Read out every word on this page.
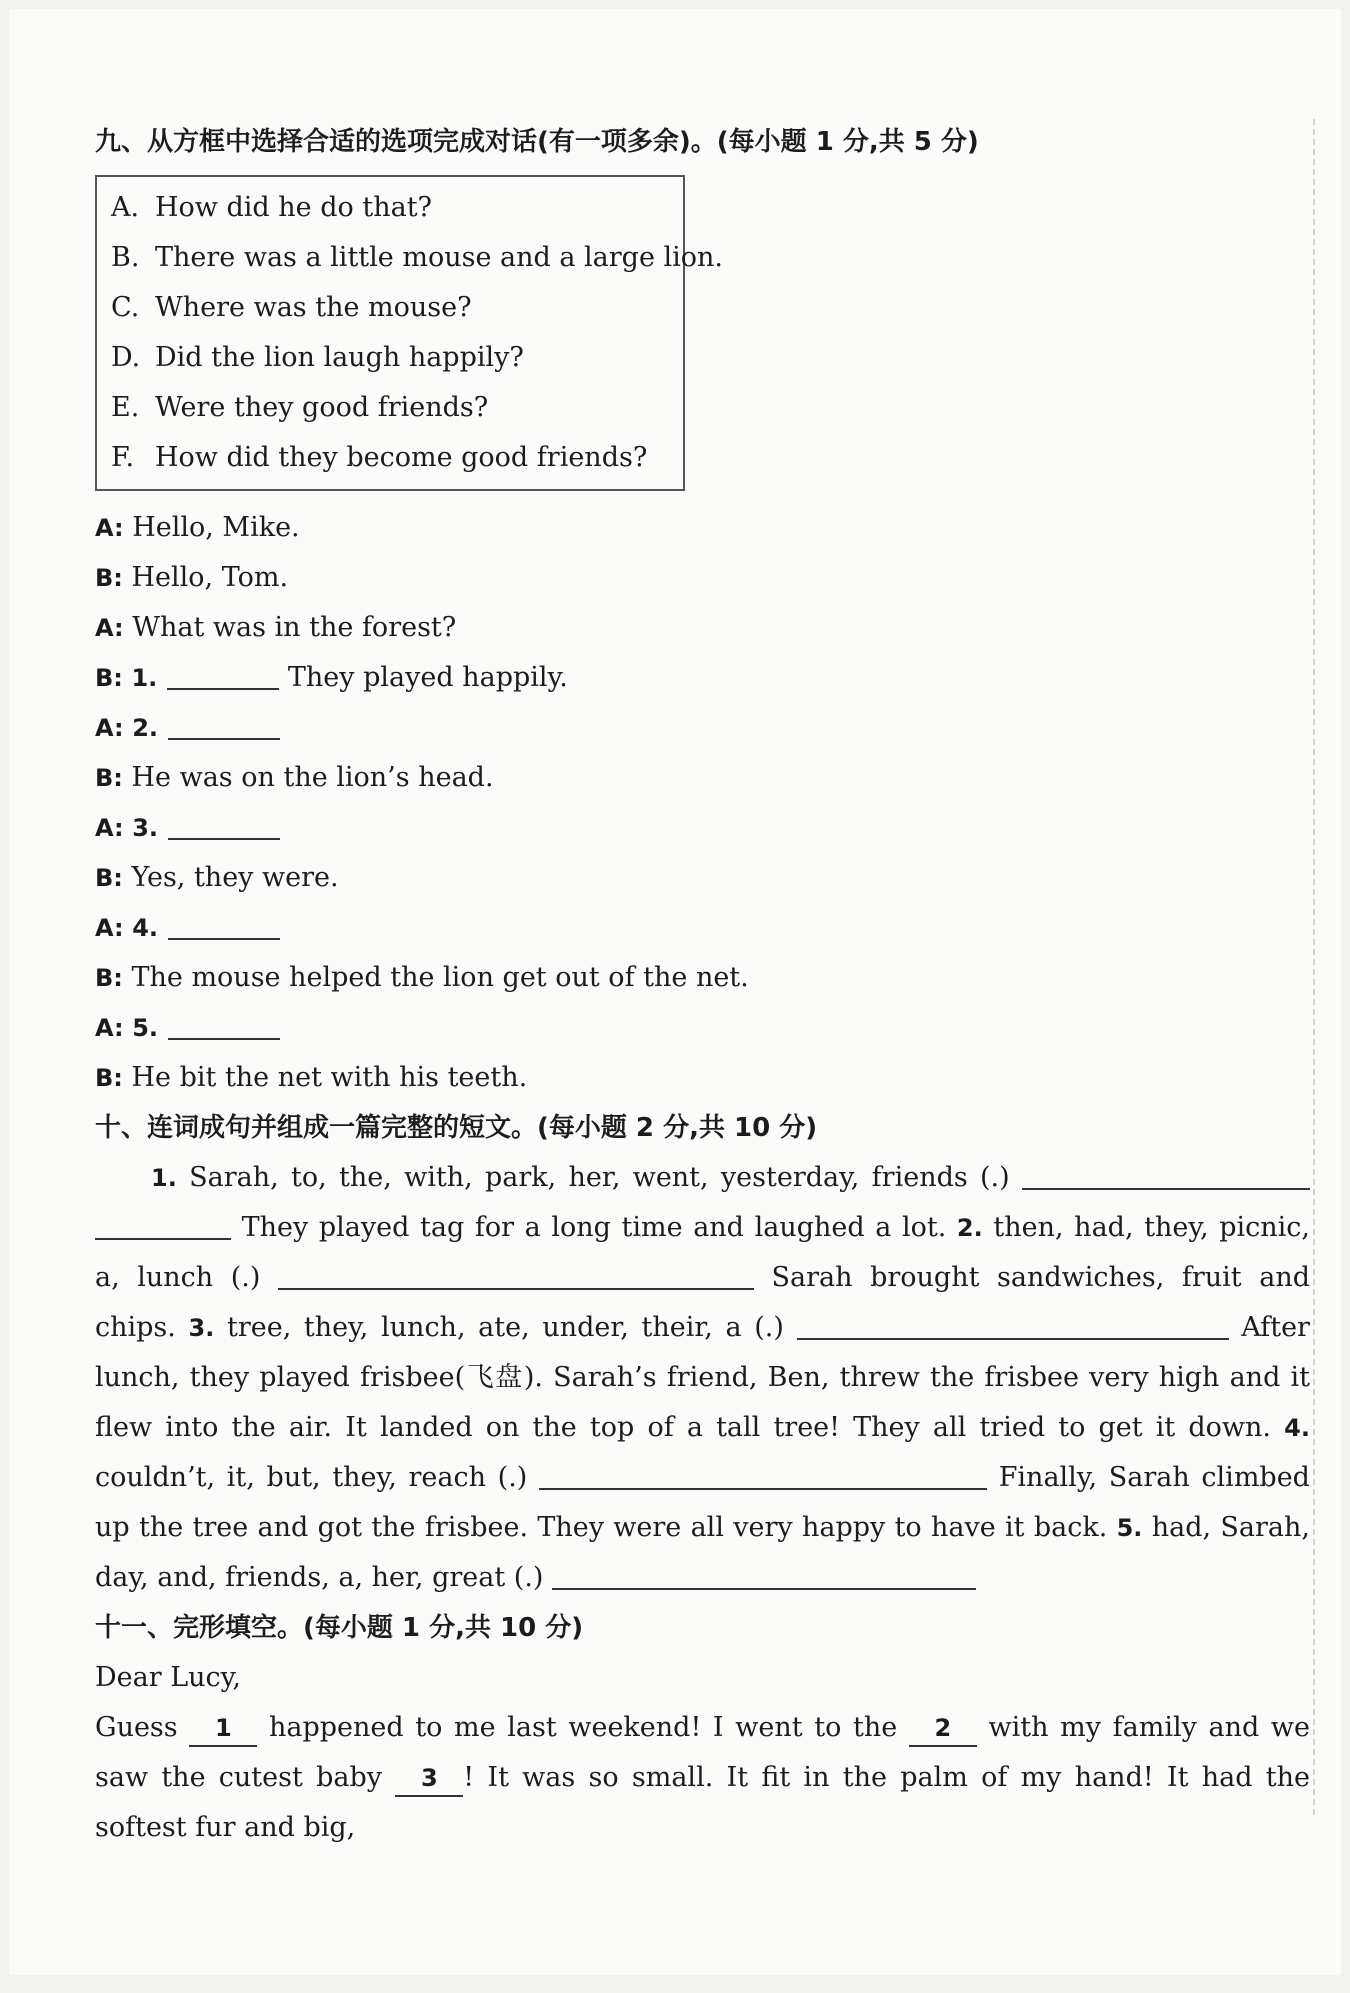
九、从方框中选择合适的选项完成对话(有一项多余)。(每小题 1 分,共 5 分)

A. How did he do that?
B. There was a little mouse and a large lion.
C. Where was the mouse?
D. Did the lion laugh happily?
E. Were they good friends?
F. How did they become good friends?

A: Hello, Mike.

B: Hello, Tom.

A: What was in the forest?

B: 1.	They played happily.

A: 2.

B: He was on the lion’s head.

A: 3.

B: Yes, they were.

A: 4.

B: The mouse helped the lion get out of the net.

A: 5.

B: He bit the net with his teeth.

十、连词成句并组成一篇完整的短文。(每小题 2 分,共 10 分)

1. Sarah, to, the, with, park, her, went, yesterday, friends (.)   They played tag for a long time and laughed a lot. 2. then, had, they, picnic, a, lunch (.)	Sarah brought sandwiches, fruit and chips. 3. tree, they, lunch, ate, under, their, a (.)	After lunch, they played frisbee(飞盘). Sarah’s friend, Ben, threw the frisbee very high and it flew into the air. It landed on the top of a tall tree! They all tried to get it down. 4. couldn’t, it, but, they, reach (.)	Finally, Sarah climbed up the tree and got the frisbee. They were all very happy to have it back. 5. had, Sarah, day, and, friends, a, her, great (.)

十一、完形填空。(每小题 1 分,共 10 分)

Dear Lucy,

Guess 1 happened to me last weekend! I went to the 2 with my family and we saw the cutest baby 3 ! It was so small. It fit in the palm of my hand! It had the softest fur and big,
